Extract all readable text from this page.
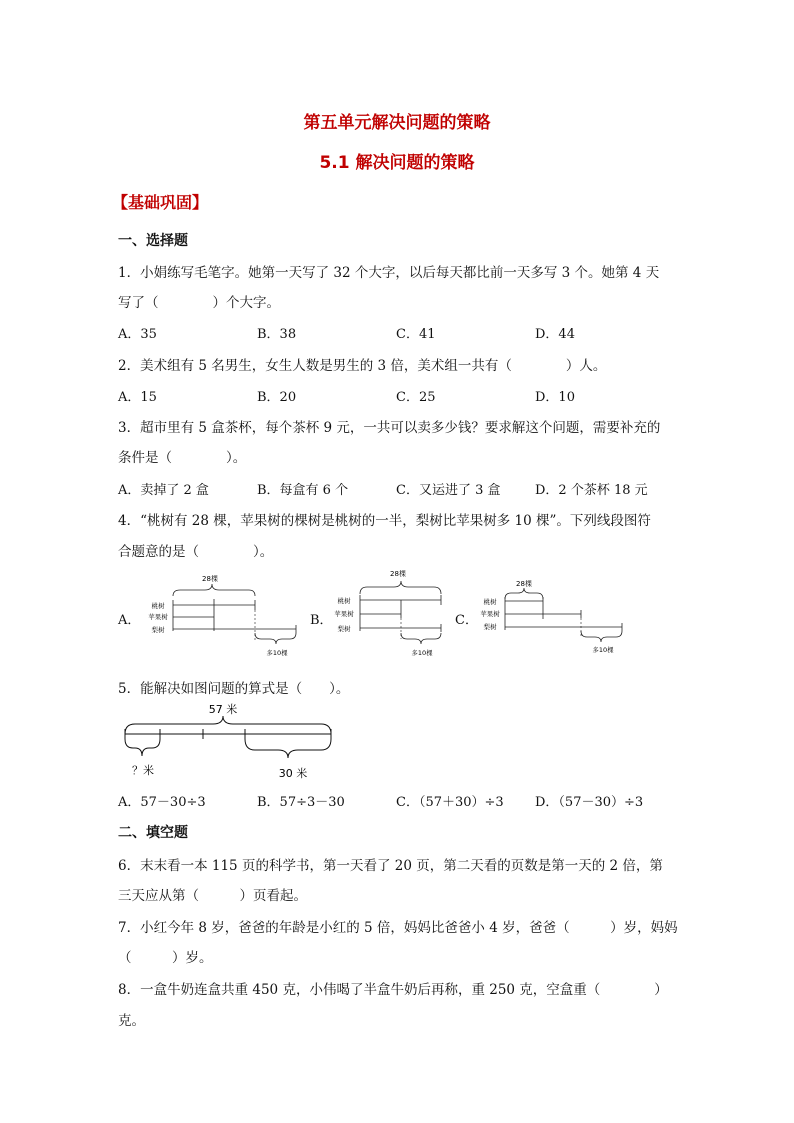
第五单元解决问题的策略
5.1 解决问题的策略
【基础巩固】
一、选择题
1．小娟练写毛笔字。她第一天写了 32 个大字，以后每天都比前一天多写 3 个。她第 4 天
写了（　　　　）个大字。
A．35	B．38	C．41	D．44
2．美术组有 5 名男生，女生人数是男生的 3 倍，美术组一共有（　　　　）人。
A．15	B．20	C．25	D．10
3．超市里有 5 盒茶杯，每个茶杯 9 元，一共可以卖多少钱？要求解这个问题，需要补充的
条件是（　　　　）。
A．卖掉了 2 盒	B．每盒有 6 个	C．又运进了 3 盒	D．2 个茶杯 18 元
4．“桃树有 28 棵，苹果树的棵树是桃树的一半，梨树比苹果树多 10 棵”。下列线段图符
合题意的是（　　　　）。
A．	B．	C．
28棵
桃树
苹果树
梨树
多10棵
28棵
桃树
苹果树
梨树
多10棵
28棵
桃树
苹果树
梨树
多10棵
5．能解决如图问题的算式是（　　）。
57 米
？米	30 米
A．57－30÷3	B．57÷3－30	C．（57＋30）÷3 D．（57－30）÷3
二、填空题
6．末末看一本 115 页的科学书，第一天看了 20 页，第二天看的页数是第一天的 2 倍，第
三天应从第（　　　）页看起。
7．小红今年 8 岁，爸爸的年龄是小红的 5 倍，妈妈比爸爸小 4 岁，爸爸（　　　）岁，妈妈
（　　　）岁。
8．一盒牛奶连盒共重 450 克，小伟喝了半盒牛奶后再称，重 250 克，空盒重（　　　　）
克。
